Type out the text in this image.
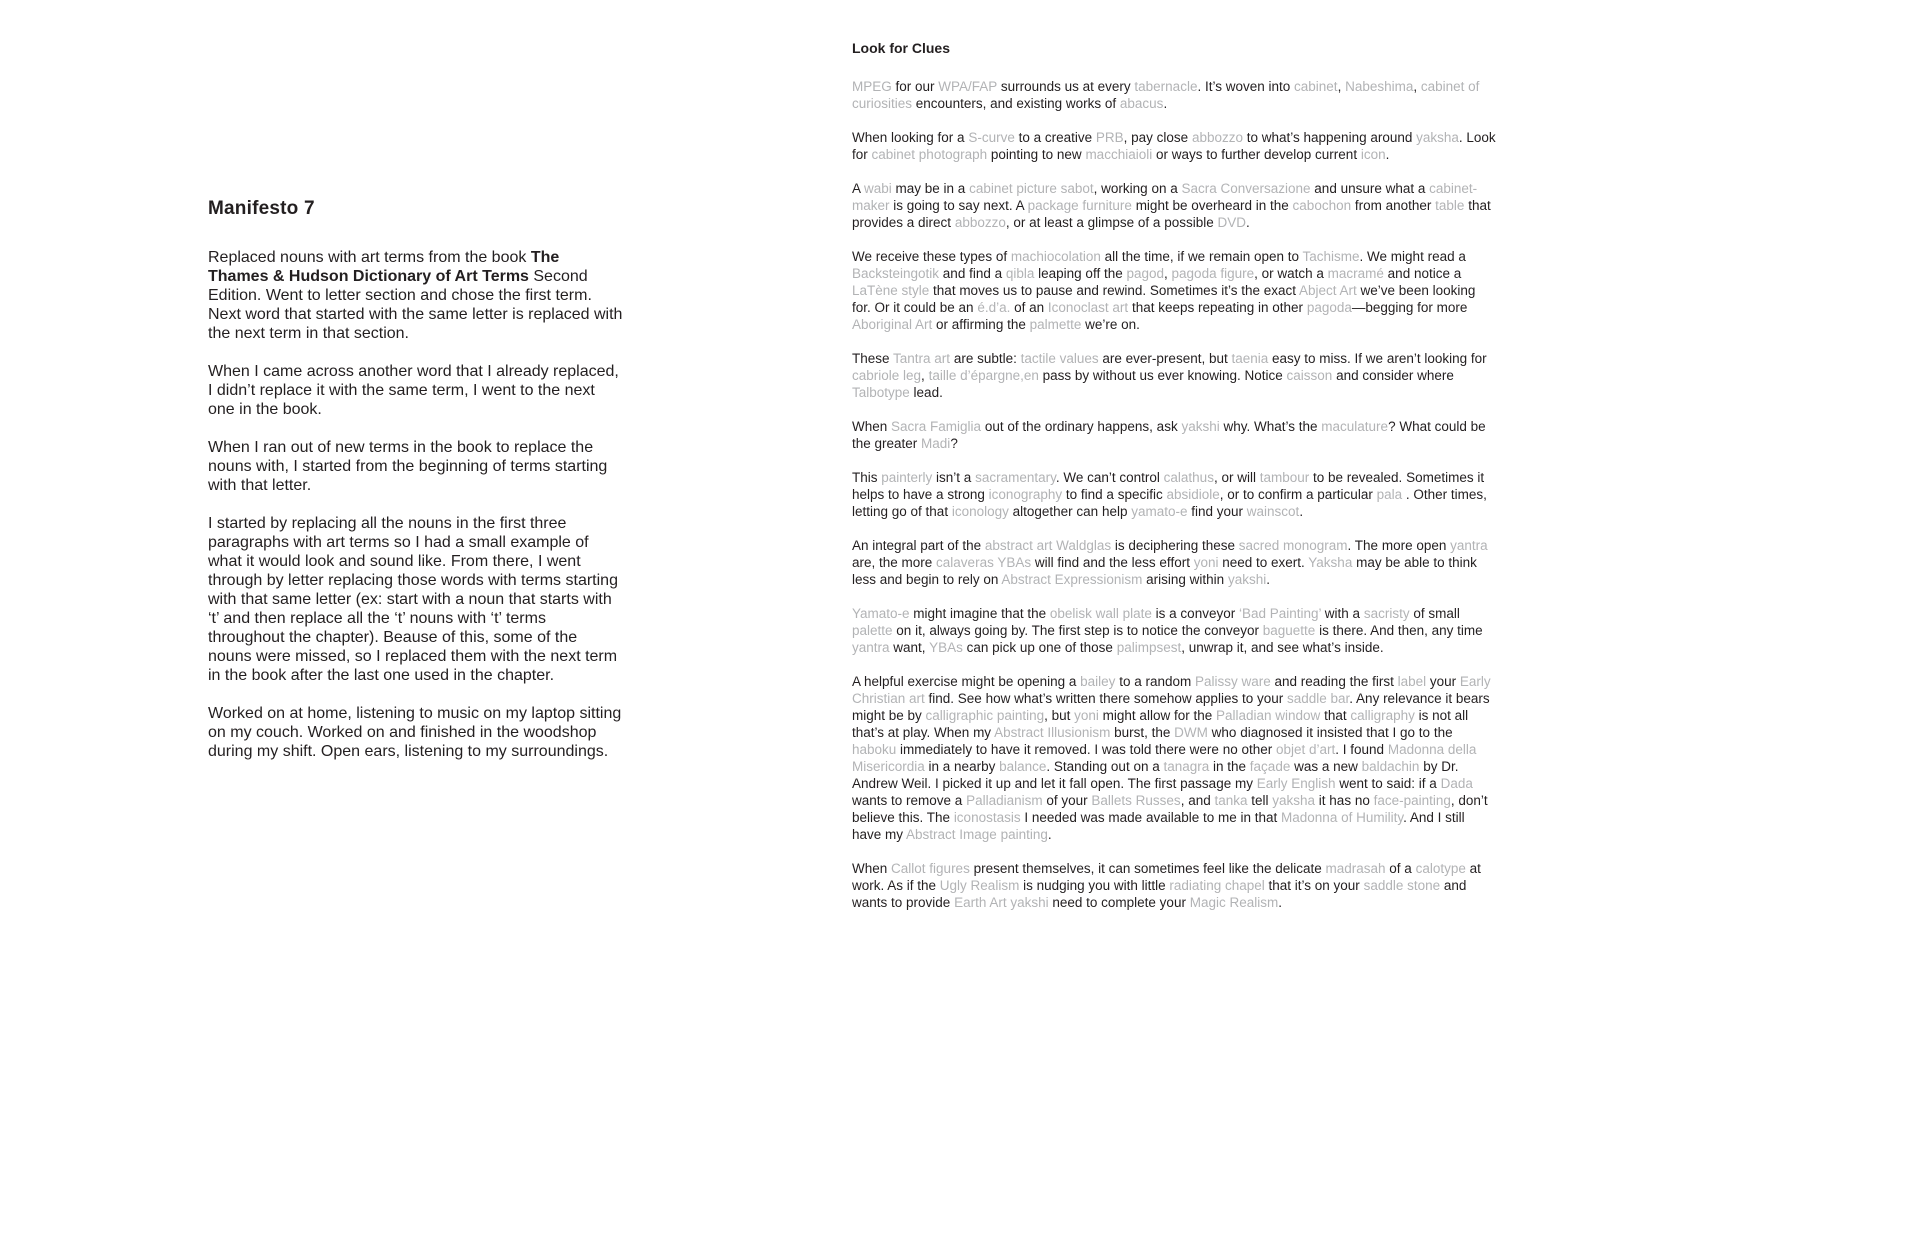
Manifesto 7

Replaced nouns with art terms from the book The Thames & Hudson Dictionary of Art Terms Second Edition. Went to letter section and chose the first term. Next word that started with the same letter is replaced with the next term in that section.

When I came across another word that I already replaced, I didn’t replace it with the same term, I went to the next one in the book.

When I ran out of new terms in the book to replace the nouns with, I started from the beginning of terms starting with that letter.

I started by replacing all the nouns in the first three paragraphs with art terms so I had a small example of what it would look and sound like. From there, I went through by letter replacing those words with terms starting with that same letter (ex: start with a noun that starts with ‘t’ and then replace all the ‘t’ nouns with ‘t’ terms throughout the chapter). Beause of this, some of the nouns were missed, so I replaced them with the next term in the book after the last one used in the chapter.

Worked on at home, listening to music on my laptop sitting on my couch. Worked on and finished in the woodshop during my shift. Open ears, listening to my surroundings.

Look for Clues

MPEG for our WPA/FAP surrounds us at every tabernacle. It’s woven into cabinet, Nabeshima, cabinet of curiosities encounters, and existing works of abacus.

When looking for a S-curve to a creative PRB, pay close abbozzo to what’s happening around yaksha. Look for cabinet photograph pointing to new macchiaioli or ways to further develop current icon.

A wabi may be in a cabinet picture sabot, working on a Sacra Conversazione and unsure what a cabinet-maker is going to say next. A package furniture might be overheard in the cabochon from another table that provides a direct abbozzo, or at least a glimpse of a possible DVD.

We receive these types of machiocolation all the time, if we remain open to Tachisme. We might read a Backsteingotik and find a qibla leaping off the pagod, pagoda figure, or watch a macramé and notice a LaTène style that moves us to pause and rewind. Sometimes it’s the exact Abject Art we’ve been looking for. Or it could be an é.d’a. of an Iconoclast art that keeps repeating in other pagoda—begging for more Aboriginal Art or affirming the palmette we’re on.

These Tantra art are subtle: tactile values are ever-present, but taenia easy to miss. If we aren’t looking for cabriole leg, taille d’épargne,en pass by without us ever knowing. Notice caisson and consider where Talbotype lead.

When Sacra Famiglia out of the ordinary happens, ask yakshi why. What’s the maculature? What could be the greater Madi?

This painterly isn’t a sacramentary. We can’t control calathus, or will tambour to be revealed. Sometimes it helps to have a strong iconography to find a specific absidiole, or to confirm a particular pala . Other times, letting go of that iconology altogether can help yamato-e find your wainscot.

An integral part of the abstract art Waldglas is deciphering these sacred monogram. The more open yantra are, the more calaveras YBAs will find and the less effort yoni need to exert. Yaksha may be able to think less and begin to rely on Abstract Expressionism arising within yakshi.

Yamato-e might imagine that the obelisk wall plate is a conveyor ‘Bad Painting’ with a sacristy of small palette on it, always going by. The first step is to notice the conveyor baguette is there. And then, any time yantra want, YBAs can pick up one of those palimpsest, unwrap it, and see what’s inside.

A helpful exercise might be opening a bailey to a random Palissy ware and reading the first label your Early Christian art find. See how what’s written there somehow applies to your saddle bar. Any relevance it bears might be by calligraphic painting, but yoni might allow for the Palladian window that calligraphy is not all that’s at play. When my Abstract Illusionism burst, the DWM who diagnosed it insisted that I go to the haboku immediately to have it removed. I was told there were no other objet d’art. I found Madonna della Misericordia in a nearby balance. Standing out on a tanagra in the façade was a new baldachin by Dr. Andrew Weil. I picked it up and let it fall open. The first passage my Early English went to said: if a Dada wants to remove a Palladianism of your Ballets Russes, and tanka tell yaksha it has no face-painting, don’t believe this. The iconostasis I needed was made available to me in that Madonna of Humility. And I still have my Abstract Image painting.

When Callot figures present themselves, it can sometimes feel like the delicate madrasah of a calotype at work. As if the Ugly Realism is nudging you with little radiating chapel that it’s on your saddle stone and wants to provide Earth Art yakshi need to complete your Magic Realism.
